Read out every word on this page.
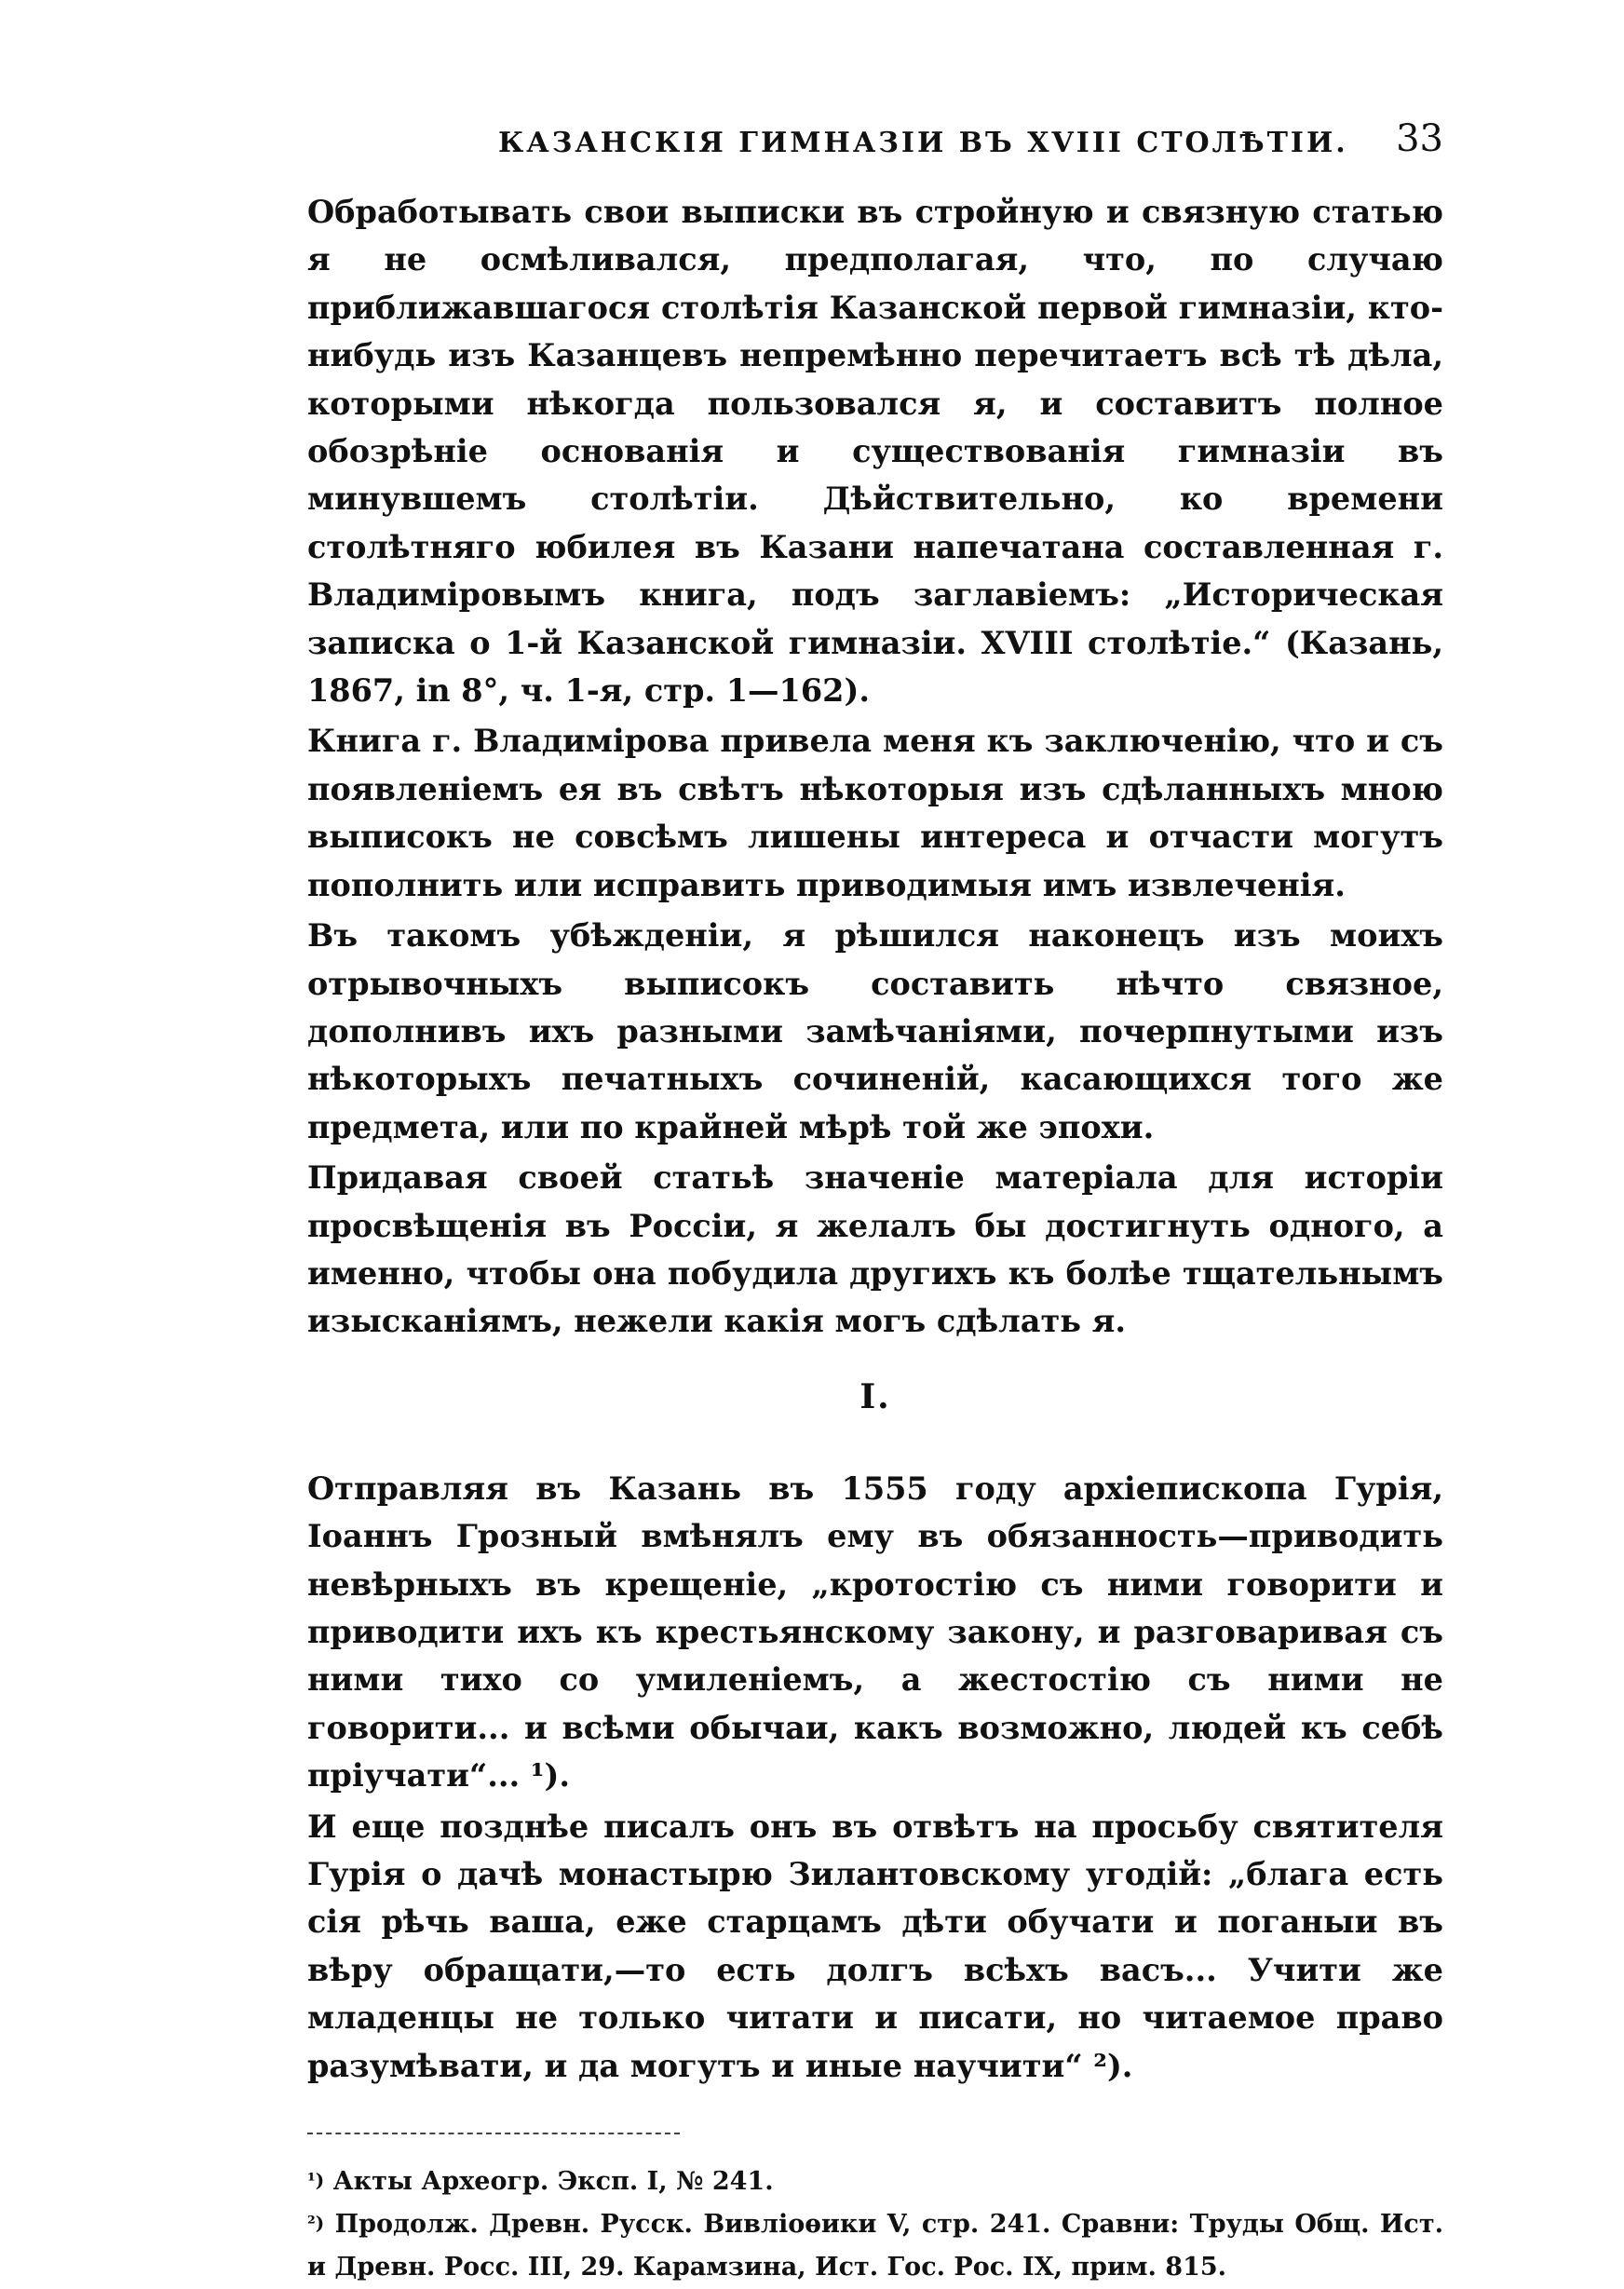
КАЗАНСКІЯ ГИМНАЗІИ ВЪ XVIII СТОЛѢТІИ. 33

Обработывать свои выписки въ стройную и связную статью я не осмѣливался, предполагая, что, по случаю приближавшагося столѣтія Казанской первой гимназіи, кто-нибудь изъ Казанцевъ непремѣнно перечитаетъ всѣ тѣ дѣла, которыми нѣкогда пользовался я, и составитъ полное обозрѣніе основанія и существованія гимназіи въ минувшемъ столѣтіи. Дѣйствительно, ко времени столѣтняго юбилея въ Казани напечатана составленная г. Владиміровымъ книга, подъ заглавіемъ: „Историческая записка о 1-й Казанской гимназіи. XVIII столѣтіе.“ (Казань, 1867, in 8°, ч. 1-я, стр. 1—162).

Книга г. Владиміровa привела меня къ заключенію, что и съ появленіемъ ея въ свѣтъ нѣкоторыя изъ сдѣланныхъ мною выписокъ не совсѣмъ лишены интереса и отчасти могутъ пополнить или исправить приводимыя имъ извлеченія.

Въ такомъ убѣжденіи, я рѣшился наконецъ изъ моихъ отрывочныхъ выписокъ составить нѣчто связное, дополнивъ ихъ разными замѣчаніями, почерпнутыми изъ нѣкоторыхъ печатныхъ сочиненій, касающихся того же предмета, или по крайней мѣрѣ той же эпохи.

Придавая своей статьѣ значеніе матеріала для исторіи просвѣщенія въ Россіи, я желалъ бы достигнуть одного, а именно, чтобы она побудила другихъ къ болѣе тщательнымъ изысканіямъ, нежели какія могъ сдѣлать я.

I.

Отправляя въ Казань въ 1555 году архіепископа Гурія, Іоаннъ Грозный вмѣнялъ ему въ обязанность—приводить невѣрныхъ въ крещеніе, „кротостію съ ними говорити и приводити ихъ къ крестьянскому закону, и разговаривая съ ними тихо со умиленіемъ, а жестостію съ ними не говорити... и всѣми обычаи, какъ возможно, людей къ себѣ пріучати“... ¹).

И еще позднѣе писалъ онъ въ отвѣтъ на просьбу святителя Гурія о дачѣ монастырю Зилантовскому угодій: „блага есть сія рѣчь ваша, еже старцамъ дѣти обучати и поганыи въ вѣру обращати,—то есть долгъ всѣхъ васъ... Учити же младенцы не только читати и писати, но читаемое право разумѣвати, и да могутъ и иные научити“ ²).

$^{^1)}$ Акты Археогр. Эксп. I, № 241.

$^{^2)}$ Продолж. Древн. Русск. Вивліоѳики V, стр. 241. Сравни: Труды Общ. Ист. и Древн. Росс. III, 29. Карамзина, Ист. Гос. Рос. IX, прим. 815.
